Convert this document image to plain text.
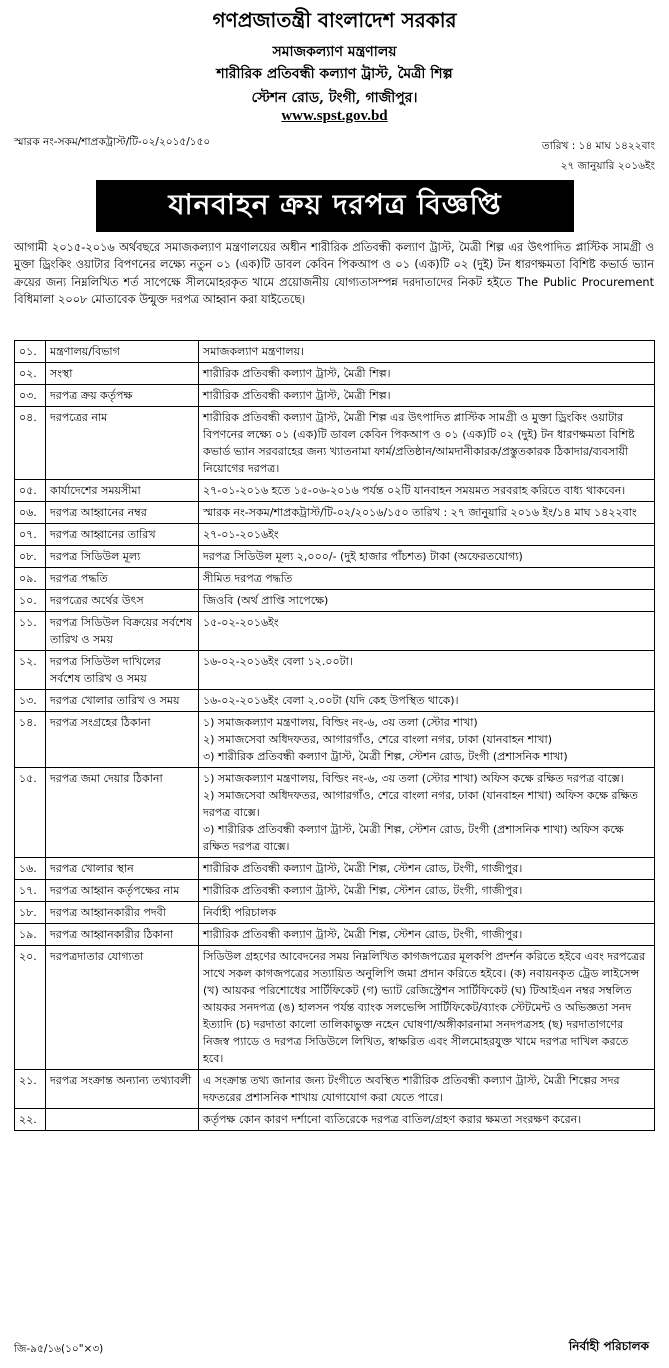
গণপ্রজাতন্ত্রী বাংলাদেশ সরকার
সমাজকল্যাণ মন্ত্রণালয়
শারীরিক প্রতিবন্ধী কল্যাণ ট্রাস্ট, মৈত্রী শিল্প
স্টেশন রোড, টংগী, গাজীপুর।
www.spst.gov.bd
স্মারক নং-সকম/শাপ্রকট্রাস্ট/টি-০২/২০১৫/১৫০	তারিখ : ১৪ মাঘ ১৪২২বাং
২৭ জানুয়ারি ২০১৬ইং
যানবাহন ক্রয় দরপত্র বিজ্ঞপ্তি
আগামী ২০১৫-২০১৬ অর্থবছরে সমাজকল্যাণ মন্ত্রণালয়ের অধীন শারীরিক প্রতিবন্ধী কল্যাণ ট্রাস্ট, মৈত্রী শিল্প এর উৎপাদিত প্লাস্টিক সামগ্রী ও মুক্তা ড্রিংকিং ওয়াটার বিপণনের লক্ষ্যে নতুন ০১ (এক)টি ডাবল কেবিন পিকআপ ও ০১ (এক)টি ০২ (দুই) টন ধারণক্ষমতা বিশিষ্ট কভার্ড ভ্যান ক্রয়ের জন্য নিম্নলিখিত শর্ত সাপেক্ষে সীলমোহরকৃত খামে প্রয়োজনীয় যোগ্যতাসম্পন্ন দরদাতাদের নিকট হইতে The Public Procurement বিধিমালা ২০০৮ মোতাবেক উন্মুক্ত দরপত্র আহ্বান করা যাইতেছে।
০১.	মন্ত্রণালয়/বিভাগ	সমাজকল্যাণ মন্ত্রণালয়।
০২.	সংস্থা	শারীরিক প্রতিবন্ধী কল্যাণ ট্রাস্ট, মৈত্রী শিল্প।
০৩.	দরপত্র ক্রয় কর্তৃপক্ষ	শারীরিক প্রতিবন্ধী কল্যাণ ট্রাস্ট, মৈত্রী শিল্প।
০৪.	দরপত্রের নাম	শারীরিক প্রতিবন্ধী কল্যাণ ট্রাস্ট, মৈত্রী শিল্প এর উৎপাদিত প্লাস্টিক সামগ্রী ও মুক্তা ড্রিংকিং ওয়াটার বিপণনের লক্ষ্যে ০১ (এক)টি ডাবল কেবিন পিকআপ ও ০১ (এক)টি ০২ (দুই) টন ধারণক্ষমতা বিশিষ্ট কভার্ড ভ্যান সরবরাহের জন্য খ্যাতনামা ফার্ম/প্রতিষ্ঠান/আমদানীকারক/প্রস্তুতকারক ঠিকাদার/ব্যবসায়ী নিয়োগের দরপত্র।
০৫.	কার্যাদেশের সময়সীমা	২৭-০১-২০১৬ হতে ১৫-০৬-২০১৬ পর্যন্ত ০২টি যানবাহন সময়মত সরবরাহ করিতে বাধ্য থাকবেন।
০৬.	দরপত্র আহ্বানের নম্বর	স্মারক নং-সকম/শাপ্রকট্রাস্ট/টি-০২/২০১৬/১৫০ তারিখ : ২৭ জানুয়ারি ২০১৬ ইং/১৪ মাঘ ১৪২২বাং
০৭.	দরপত্র আহ্বানের তারিখ	২৭-০১-২০১৬ইং
০৮.	দরপত্র সিডিউল মূল্য	দরপত্র সিডিউল মূল্য ২,০০০/- (দুই হাজার পাঁচশত) টাকা (অফেরতযোগ্য)
০৯.	দরপত্র পদ্ধতি	সীমিত দরপত্র পদ্ধতি
১০.	দরপত্রের অর্থের উৎস	জিওবি (অর্থ প্রাপ্তি সাপেক্ষে)
১১.	দরপত্র সিডিউল বিক্রয়ের সর্বশেষ তারিখ ও সময়	১৫-০২-২০১৬ইং
১২.	দরপত্র সিডিউল দাখিলের সর্বশেষ তারিখ ও সময়	১৬-০২-২০১৬ইং বেলা ১২.০০টা।
১৩.	দরপত্র খোলার তারিখ ও সময়	১৬-০২-২০১৬ইং বেলা ২.০০টা (যদি কেহ উপস্থিত থাকে)।
১৪.	দরপত্র সংগ্রহের ঠিকানা	১) সমাজকল্যাণ মন্ত্রণালয়, বিল্ডিং নং-৬, ৩য় তলা (স্টোর শাখা)
২) সমাজসেবা অধিদফতর, আগারগাঁও, শেরে বাংলা নগর, ঢাকা (যানবাহন শাখা)
৩) শারীরিক প্রতিবন্ধী কল্যাণ ট্রাস্ট, মৈত্রী শিল্প, স্টেশন রোড, টংগী (প্রশাসনিক শাখা)
১৫.	দরপত্র জমা দেয়ার ঠিকানা	১) সমাজকল্যাণ মন্ত্রণালয়, বিল্ডিং নং-৬, ৩য় তলা (স্টোর শাখা) অফিস কক্ষে রক্ষিত দরপত্র বাক্সে।
২) সমাজসেবা অধিদফতর, আগারগাঁও, শেরে বাংলা নগর, ঢাকা (যানবাহন শাখা) অফিস কক্ষে রক্ষিত দরপত্র বাক্সে।
৩) শারীরিক প্রতিবন্ধী কল্যাণ ট্রাস্ট, মৈত্রী শিল্প, স্টেশন রোড, টংগী (প্রশাসনিক শাখা) অফিস কক্ষে রক্ষিত দরপত্র বাক্সে।
১৬.	দরপত্র খোলার স্থান	শারীরিক প্রতিবন্ধী কল্যাণ ট্রাস্ট, মৈত্রী শিল্প, স্টেশন রোড, টংগী, গাজীপুর।
১৭.	দরপত্র আহ্বান কর্তৃপক্ষের নাম	শারীরিক প্রতিবন্ধী কল্যাণ ট্রাস্ট, মৈত্রী শিল্প, স্টেশন রোড, টংগী, গাজীপুর।
১৮.	দরপত্র আহ্বানকারীর পদবী	নির্বাহী পরিচালক
১৯.	দরপত্র আহ্বানকারীর ঠিকানা	শারীরিক প্রতিবন্ধী কল্যাণ ট্রাস্ট, মৈত্রী শিল্প, স্টেশন রোড, টংগী, গাজীপুর।
২০.	দরপত্রদাতার যোগ্যতা	সিডিউল গ্রহণের আবেদনের সময় নিম্নলিখিত কাগজপত্রের মূলকপি প্রদর্শন করিতে হইবে এবং দরপত্রের সাথে সকল কাগজপত্রের সত্যায়িত অনুলিপি জমা প্রদান করিতে হইবে। (ক) নবায়নকৃত ট্রেড লাইসেন্স (খ) আয়কর পরিশোধের সার্টিফিকেট (গ) ভ্যাট রেজিস্ট্রেশন সার্টিফিকেট (ঘ) টিআইএন নম্বর সম্বলিত আয়কর সনদপত্র (ঙ) হালসন পর্যন্ত ব্যাংক সলভেন্সি সার্টিফিকেট/ব্যাংক স্টেটমেন্ট ও অভিজ্ঞতা সনদ ইত্যাদি (চ) দরদাতা কালো তালিকাভুক্ত নহেন ঘোষণা/অঙ্গীকারনামা সনদপত্রসহ (ছ) দরদাতাগণের নিজস্ব প্যাডে ও দরপত্র সিডিউলে লিখিত, স্বাক্ষরিত এবং সীলমোহরযুক্ত খামে দরপত্র দাখিল করতে হবে।
২১.	দরপত্র সংক্রান্ত অন্যান্য তথ্যাবলী	এ সংক্রান্ত তথ্য জানার জন্য টংগীতে অবস্থিত শারীরিক প্রতিবন্ধী কল্যাণ ট্রাস্ট, মৈত্রী শিল্পের সদর দফতরের প্রশাসনিক শাখায় যোগাযোগ করা যেতে পারে।
২২.		কর্তৃপক্ষ কোন কারণ দর্শানো ব্যতিরেকে দরপত্র বাতিল/গ্রহণ করার ক্ষমতা সংরক্ষণ করেন।
জি-৯৫/১৬(১০"×৩)	নির্বাহী পরিচালক
